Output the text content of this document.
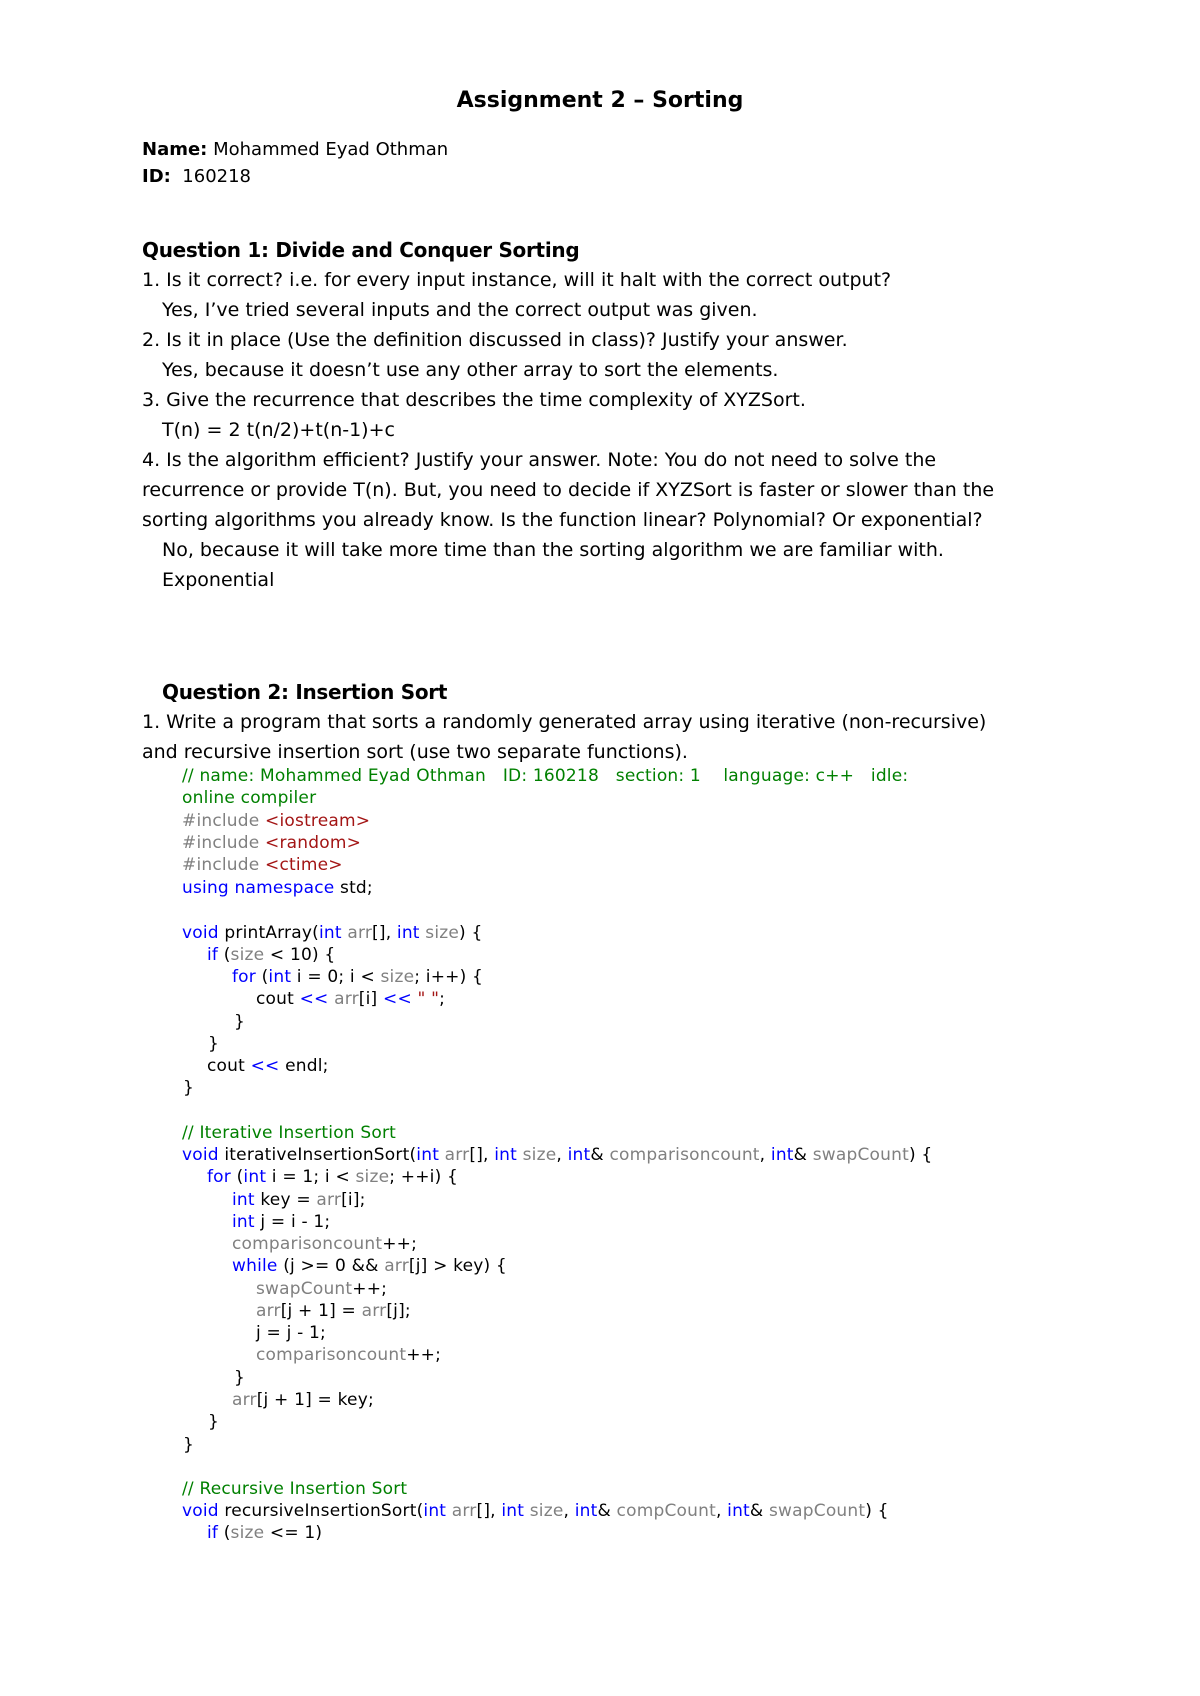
Assignment 2 – Sorting
Name: Mohammed Eyad Othman
ID: 160218
Question 1: Divide and Conquer Sorting
1. Is it correct? i.e. for every input instance, will it halt with the correct output?
Yes, I’ve tried several inputs and the correct output was given.
2. Is it in place (Use the definition discussed in class)? Justify your answer.
Yes, because it doesn’t use any other array to sort the elements.
3. Give the recurrence that describes the time complexity of XYZSort.
T(n) = 2 t(n/2)+t(n-1)+c
4. Is the algorithm efficient? Justify your answer. Note: You do not need to solve the
recurrence or provide T(n). But, you need to decide if XYZSort is faster or slower than the
sorting algorithms you already know. Is the function linear? Polynomial? Or exponential?
No, because it will take more time than the sorting algorithm we are familiar with.
Exponential
Question 2: Insertion Sort
1. Write a program that sorts a randomly generated array using iterative (non-recursive)
and recursive insertion sort (use two separate functions).
// name: Mohammed Eyad Othman   ID: 160218   section: 1    language: c++   idle:
online compiler
#include <iostream>
#include <random>
#include <ctime>
using namespace std;
void printArray(int arr[], int size) {
if (size < 10) {
for (int i = 0; i < size; i++) {
cout << arr[i] << " ";
}
}
cout << endl;
}
// Iterative Insertion Sort
void iterativeInsertionSort(int arr[], int size, int& comparisoncount, int& swapCount) {
for (int i = 1; i < size; ++i) {
int key = arr[i];
int j = i - 1;
comparisoncount++;
while (j >= 0 && arr[j] > key) {
swapCount++;
arr[j + 1] = arr[j];
j = j - 1;
comparisoncount++;
}
arr[j + 1] = key;
}
}
// Recursive Insertion Sort
void recursiveInsertionSort(int arr[], int size, int& compCount, int& swapCount) {
if (size <= 1)
